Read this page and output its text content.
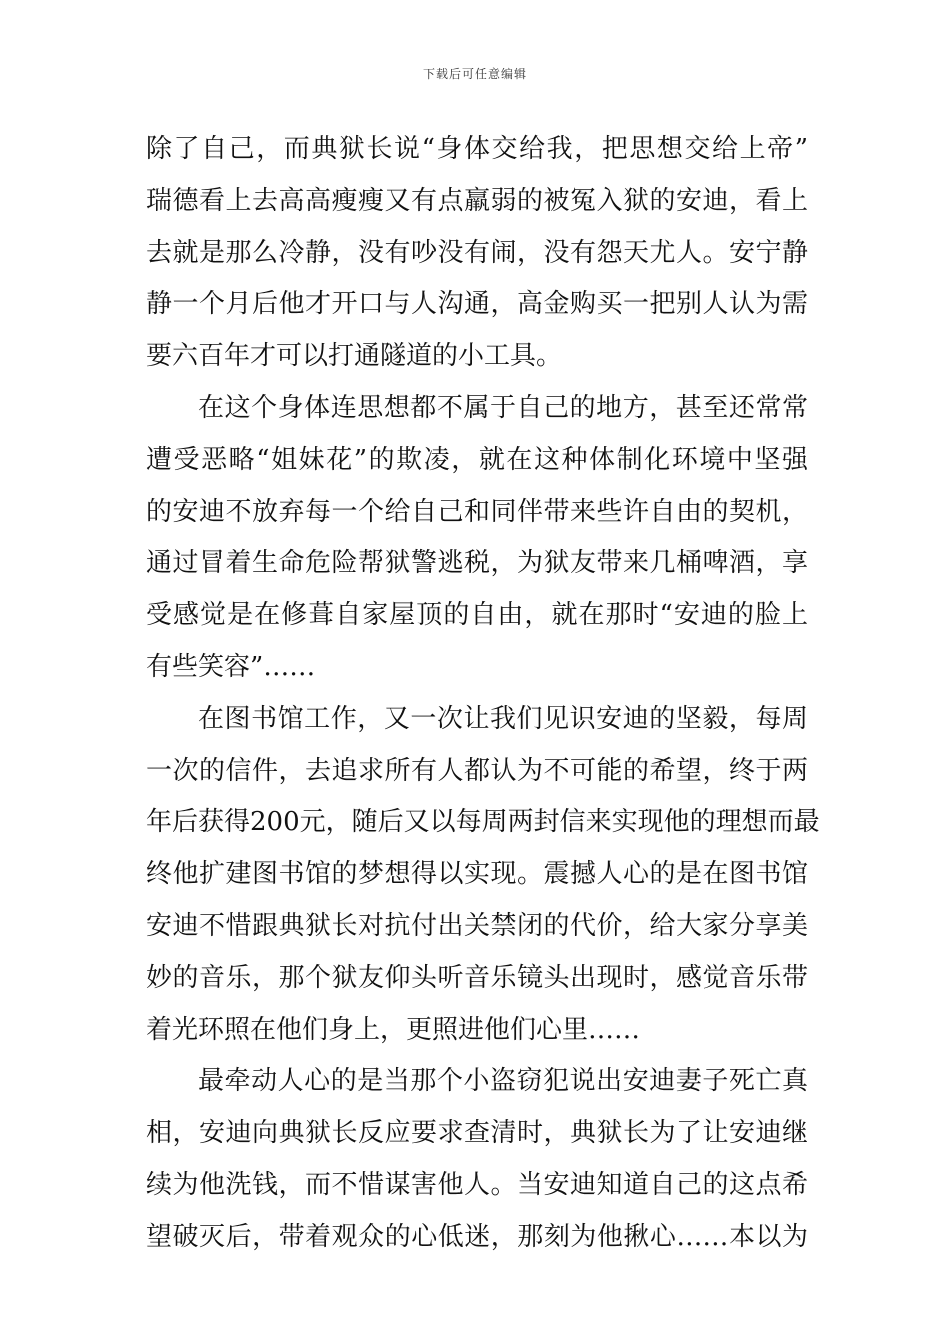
下载后可任意编辑
除了自己，而典狱长说“身体交给我，把思想交给上帝”
瑞德看上去高高瘦瘦又有点羸弱的被冤入狱的安迪，看上
去就是那么冷静，没有吵没有闹，没有怨天尤人。安宁静
静一个月后他才开口与人沟通，高金购买一把别人认为需
要六百年才可以打通隧道的小工具。
在这个身体连思想都不属于自己的地方，甚至还常常
遭受恶略“姐妹花”的欺凌，就在这种体制化环境中坚强
的安迪不放弃每一个给自己和同伴带来些许自由的契机，
通过冒着生命危险帮狱警逃税，为狱友带来几桶啤酒，享
受感觉是在修葺自家屋顶的自由，就在那时“安迪的脸上
有些笑容”……
在图书馆工作，又一次让我们见识安迪的坚毅，每周
一次的信件，去追求所有人都认为不可能的希望，终于两
年后获得200元，随后又以每周两封信来实现他的理想而最
终他扩建图书馆的梦想得以实现。震撼人心的是在图书馆
安迪不惜跟典狱长对抗付出关禁闭的代价，给大家分享美
妙的音乐，那个狱友仰头听音乐镜头出现时，感觉音乐带
着光环照在他们身上，更照进他们心里……
最牵动人心的是当那个小盗窃犯说出安迪妻子死亡真
相，安迪向典狱长反应要求查清时，典狱长为了让安迪继
续为他洗钱，而不惜谋害他人。当安迪知道自己的这点希
望破灭后，带着观众的心低迷，那刻为他揪心……本以为
